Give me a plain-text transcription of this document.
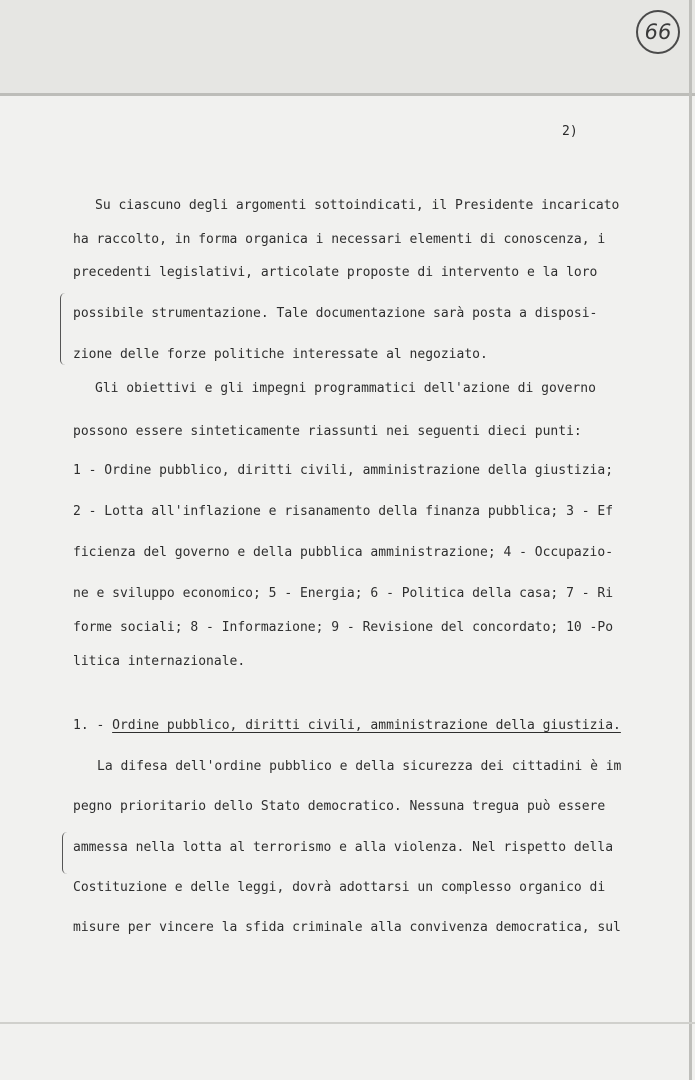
66
2)
Su ciascuno degli argomenti sottoindicati, il Presidente incaricato
ha raccolto, in forma organica i necessari elementi di conoscenza, i
precedenti legislativi, articolate proposte di intervento e la loro
possibile strumentazione. Tale documentazione sarà posta a disposi-
zione delle forze politiche interessate al negoziato.
Gli obiettivi e gli impegni programmatici dell'azione di governo
possono essere sinteticamente riassunti nei seguenti dieci punti:
1 - Ordine pubblico, diritti civili, amministrazione della giustizia;
2 - Lotta all'inflazione e risanamento della finanza pubblica; 3 - Ef
ficienza del governo e della pubblica amministrazione; 4 - Occupazio-
ne e sviluppo economico; 5 - Energia; 6 - Politica della casa; 7 - Ri
forme sociali; 8 - Informazione; 9 - Revisione del concordato; 10 -Po
litica internazionale.
1. - Ordine pubblico, diritti civili, amministrazione della giustizia.
La difesa dell'ordine pubblico e della sicurezza dei cittadini è im
pegno prioritario dello Stato democratico. Nessuna tregua può essere
ammessa nella lotta al terrorismo e alla violenza. Nel rispetto della
Costituzione e delle leggi, dovrà adottarsi un complesso organico di
misure per vincere la sfida criminale alla convivenza democratica, sul
